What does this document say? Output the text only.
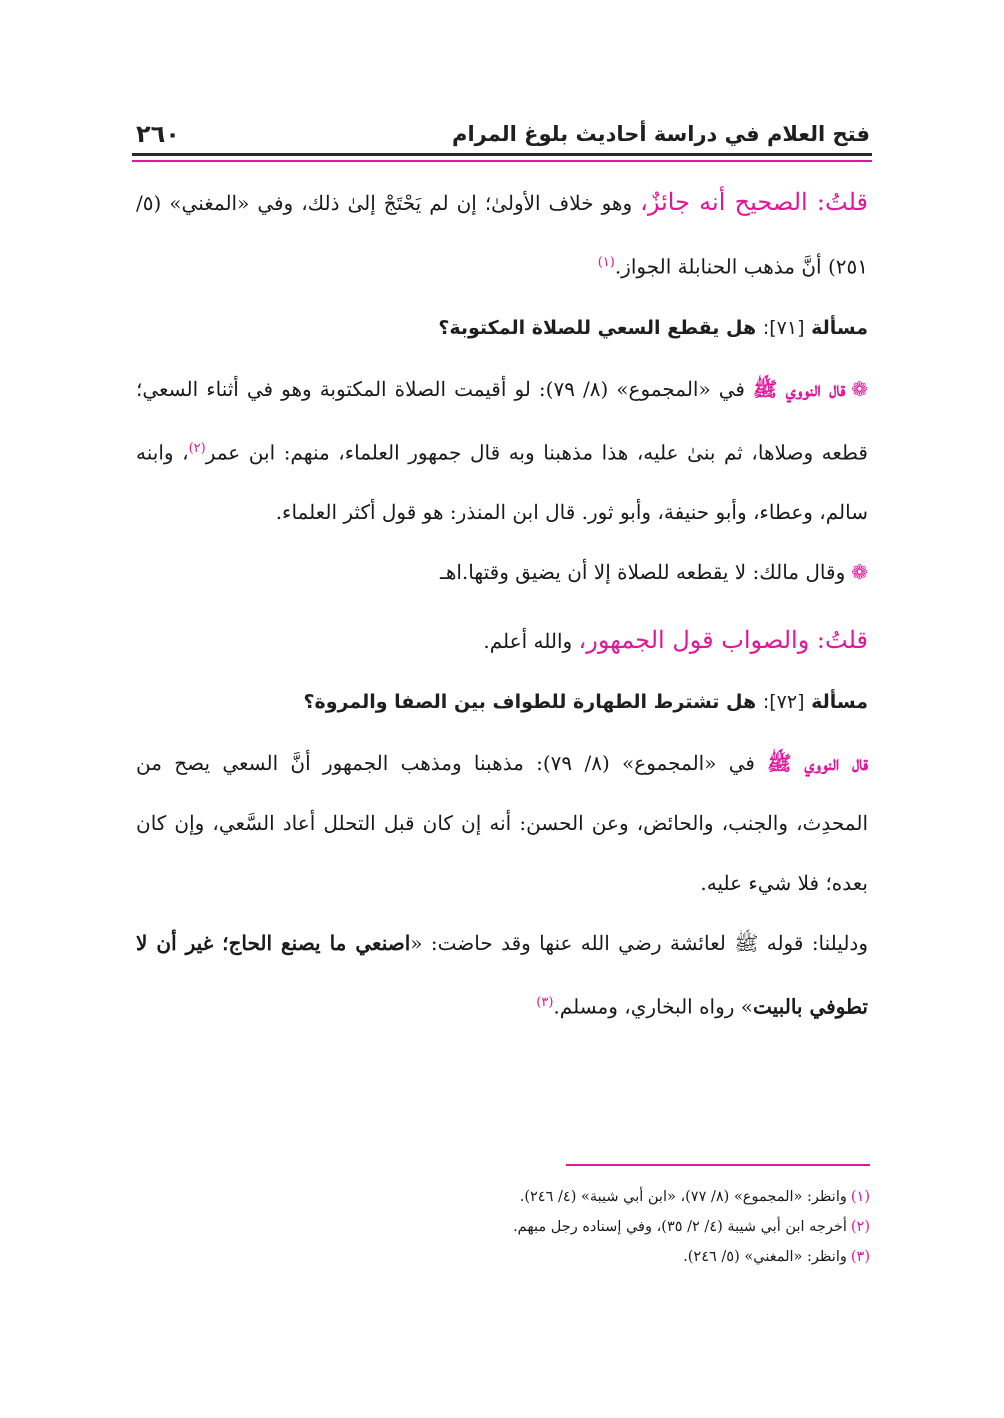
فتح العلام في دراسة أحاديث بلوغ المرام
٢٦٠

قلتُ: الصحيح أنه جائزٌ، وهو خلاف الأولىٰ؛ إن لم يَحْتَجْ إلىٰ ذلك، وفي «المغني» (٥/ ٢٥١) أنَّ مذهب الحنابلة الجواز.$^{(١)}$

مسألة [٧١]: هل يقطع السعي للصلاة المكتوبة؟

❁قال النووي ﷺ في «المجموع» (٨/ ٧٩): لو أقيمت الصلاة المكتوبة وهو في أثناء السعي؛ قطعه وصلاها، ثم بنىٰ عليه، هذا مذهبنا وبه قال جمهور العلماء، منهم: ابن عمر$^{(٢)}$، وابنه سالم، وعطاء، وأبو حنيفة، وأبو ثور. قال ابن المنذر: هو قول أكثر العلماء.

❁وقال مالك: لا يقطعه للصلاة إلا أن يضيق وقتها.اهـ

قلتُ: والصواب قول الجمهور، والله أعلم.

مسألة [٧٢]: هل تشترط الطهارة للطواف بين الصفا والمروة؟

قال النووي ﷺ في «المجموع» (٨/ ٧٩): مذهبنا ومذهب الجمهور أنَّ السعي يصح من المحدِث، والجنب، والحائض، وعن الحسن: أنه إن كان قبل التحلل أعاد السَّعي، وإن كان بعده؛ فلا شيء عليه.

ودليلنا: قوله ﷺ لعائشة رضي الله عنها وقد حاضت: «اصنعي ما يصنع الحاج؛ غير أن لا تطوفي بالبيت» رواه البخاري، ومسلم.$^{(٣)}$

(١)وانظر: «المجموع» (٨/ ٧٧)، «ابن أبي شيبة» (٤/ ٢٤٦).

(٢)أخرجه ابن أبي شيبة (٤/ ٢/ ٣٥)، وفي إسناده رجل مبهم.

(٣)وانظر: «المغني» (٥/ ٢٤٦).
